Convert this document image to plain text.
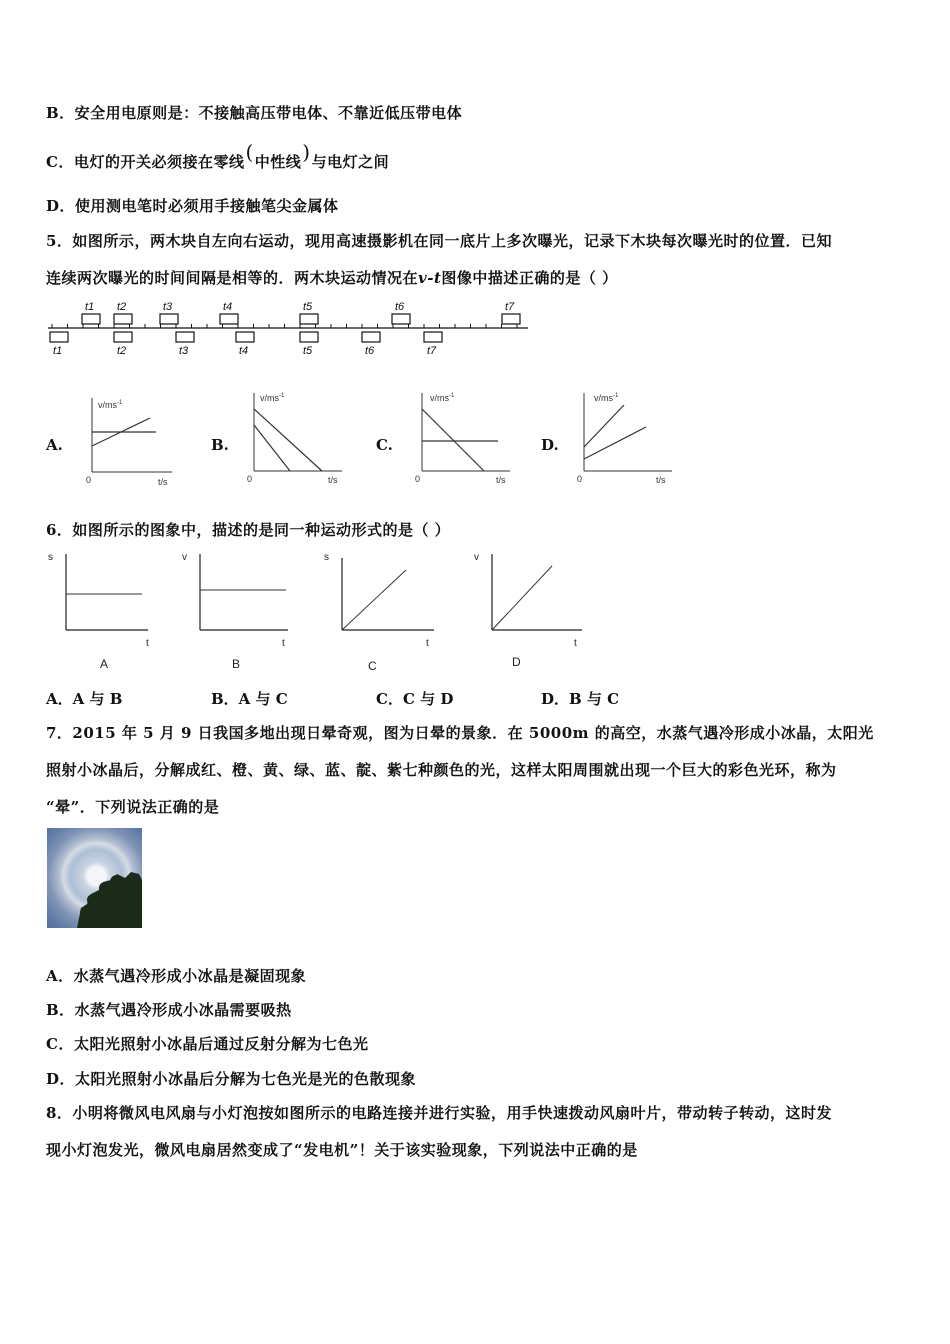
B．安全用电原则是：不接触高压带电体、不靠近低压带电体
C．电灯的开关必须接在零线(中性线)与电灯之间
D．使用测电笔时必须用手接触笔尖金属体
5．如图所示，两木块自左向右运动，现用高速摄影机在同一底片上多次曝光，记录下木块每次曝光时的位置．已知
连续两次曝光的时间间隔是相等的．两木块运动情况在v-t图像中描述正确的是（ ）
t1 t2	t3	t4	t5	t6	t7
t1	t2	t3	t4	t5	t6	t7
A.	B.	C.	D.
$v/ms^{-1}$
0	t/s
$v/ms^{-1}$
0	t/s
$v/ms^{-1}$
0	t/s
$v/ms^{-1}$
0	t/s
6．如图所示的图象中，描述的是同一种运动形式的是（ ）
s
t
A
v
t
B
s
t
C
v
t
D
A．A 与 B	B．A 与 C	C．C 与 D	D．B 与 C
7．2015 年 5 月 9 日我国多地出现日晕奇观，图为日晕的景象．在 5000m 的高空，水蒸气遇冷形成小冰晶，太阳光
照射小冰晶后，分解成红、橙、黄、绿、蓝、靛、紫七种颜色的光，这样太阳周围就出现一个巨大的彩色光环，称为
“晕”．下列说法正确的是
A．水蒸气遇冷形成小冰晶是凝固现象
B．水蒸气遇冷形成小冰晶需要吸热
C．太阳光照射小冰晶后通过反射分解为七色光
D．太阳光照射小冰晶后分解为七色光是光的色散现象
8．小明将微风电风扇与小灯泡按如图所示的电路连接并进行实验，用手快速拨动风扇叶片，带动转子转动，这时发
现小灯泡发光，微风电扇居然变成了“发电机”！关于该实验现象，下列说法中正确的是
